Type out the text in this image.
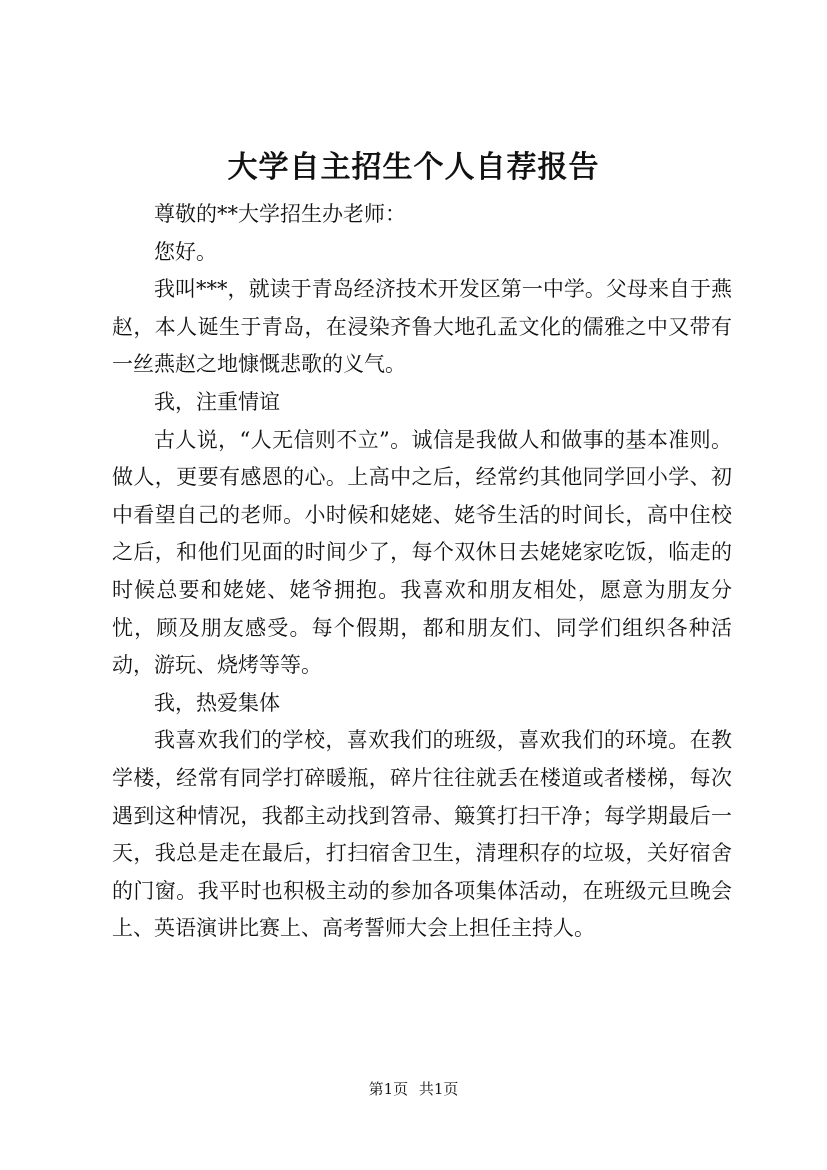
大学自主招生个人自荐报告

尊敬的**大学招生办老师：

您好。

我叫***，就读于青岛经济技术开发区第一中学。父母来自于燕赵，本人诞生于青岛，在浸染齐鲁大地孔孟文化的儒雅之中又带有一丝燕赵之地慷慨悲歌的义气。

我，注重情谊

古人说，“人无信则不立”。诚信是我做人和做事的基本准则。做人，更要有感恩的心。上高中之后，经常约其他同学回小学、初中看望自己的老师。小时候和姥姥、姥爷生活的时间长，高中住校之后，和他们见面的时间少了，每个双休日去姥姥家吃饭，临走的时候总要和姥姥、姥爷拥抱。我喜欢和朋友相处，愿意为朋友分忧，顾及朋友感受。每个假期，都和朋友们、同学们组织各种活动，游玩、烧烤等等。

我，热爱集体

我喜欢我们的学校，喜欢我们的班级，喜欢我们的环境。在教学楼，经常有同学打碎暖瓶，碎片往往就丢在楼道或者楼梯，每次遇到这种情况，我都主动找到笤帚、簸箕打扫干净；每学期最后一天，我总是走在最后，打扫宿舍卫生，清理积存的垃圾，关好宿舍的门窗。我平时也积极主动的参加各项集体活动，在班级元旦晚会上、英语演讲比赛上、高考誓师大会上担任主持人。

第1页 共1页
